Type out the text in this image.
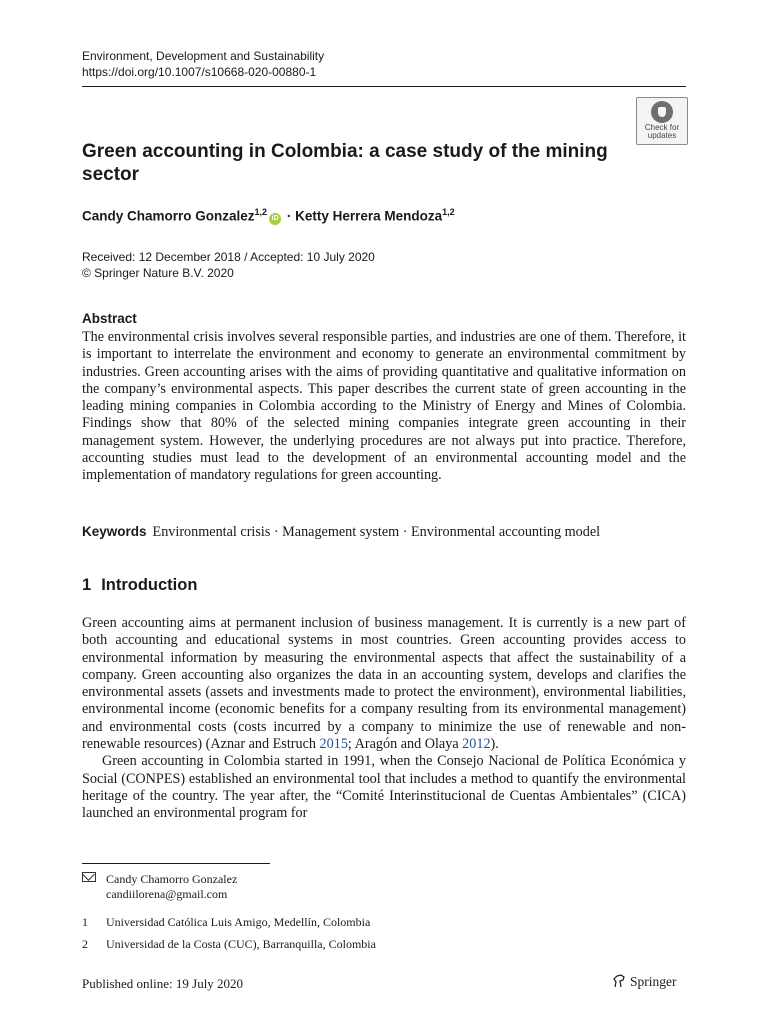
Environment, Development and Sustainability
https://doi.org/10.1007/s10668-020-00880-1
Check for updates
Green accounting in Colombia: a case study of the mining sector
Candy Chamorro Gonzalez$^{1,2}$iD · Ketty Herrera Mendoza$^{1,2}$
Received: 12 December 2018 / Accepted: 10 July 2020
© Springer Nature B.V. 2020
Abstract
The environmental crisis involves several responsible parties, and industries are one of them. Therefore, it is important to interrelate the environment and economy to generate an environmental commitment by industries. Green accounting arises with the aims of providing quantitative and qualitative information on the company’s environmental aspects. This paper describes the current state of green accounting in the leading mining companies in Colombia according to the Ministry of Energy and Mines of Colombia. Findings show that 80% of the selected mining companies integrate green accounting in their management system. However, the underlying procedures are not always put into practice. Therefore, accounting studies must lead to the development of an environmental accounting model and the implementation of mandatory regulations for green accounting.
Keywords Environmental crisis · Management system · Environmental accounting model
1 Introduction

Green accounting aims at permanent inclusion of business management. It is currently is a new part of both accounting and educational systems in most countries. Green accounting provides access to environmental information by measuring the environmental aspects that affect the sustainability of a company. Green accounting also organizes the data in an accounting system, develops and clarifies the environmental assets (assets and investments made to protect the environment), environmental liabilities, environmental income (economic benefits for a company resulting from its environmental management) and environmental costs (costs incurred by a company to minimize the use of renewable and non-renewable resources) (Aznar and Estruch 2015; Aragón and Olaya 2012).

Green accounting in Colombia started in 1991, when the Consejo Nacional de Política Económica y Social (CONPES) established an environmental tool that includes a method to quantify the environmental heritage of the country. The year after, the “Comité Interinstitucional de Cuentas Ambientales” (CICA) launched an environmental program for

Candy Chamorro Gonzalez
candiilorena@gmail.com
1 Universidad Católica Luis Amigo, Medellín, Colombia
2 Universidad de la Costa (CUC), Barranquilla, Colombia
Published online: 19 July 2020	Springer
